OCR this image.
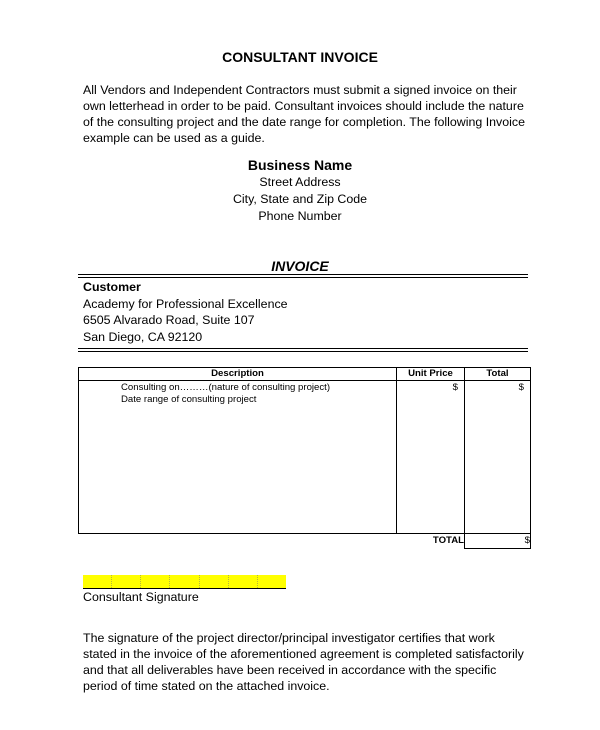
CONSULTANT INVOICE
All Vendors and Independent Contractors must submit a signed invoice on their own letterhead in order to be paid. Consultant invoices should include the nature of the consulting project and the date range for completion. The following Invoice example can be used as a guide.
Business Name
Street Address
City, State and Zip Code
Phone Number
INVOICE
Customer
Academy for Professional Excellence
6505 Alvarado Road, Suite 107
San Diego, CA 92120
Description	Unit Price	Total

Consulting on………(nature of consulting project)
Date range of consulting project	$	$

	TOTAL	$
Consultant Signature
The signature of the project director/principal investigator certifies that work stated in the invoice of the aforementioned agreement is completed satisfactorily and that all deliverables have been received in accordance with the specific period of time stated on the attached invoice.
